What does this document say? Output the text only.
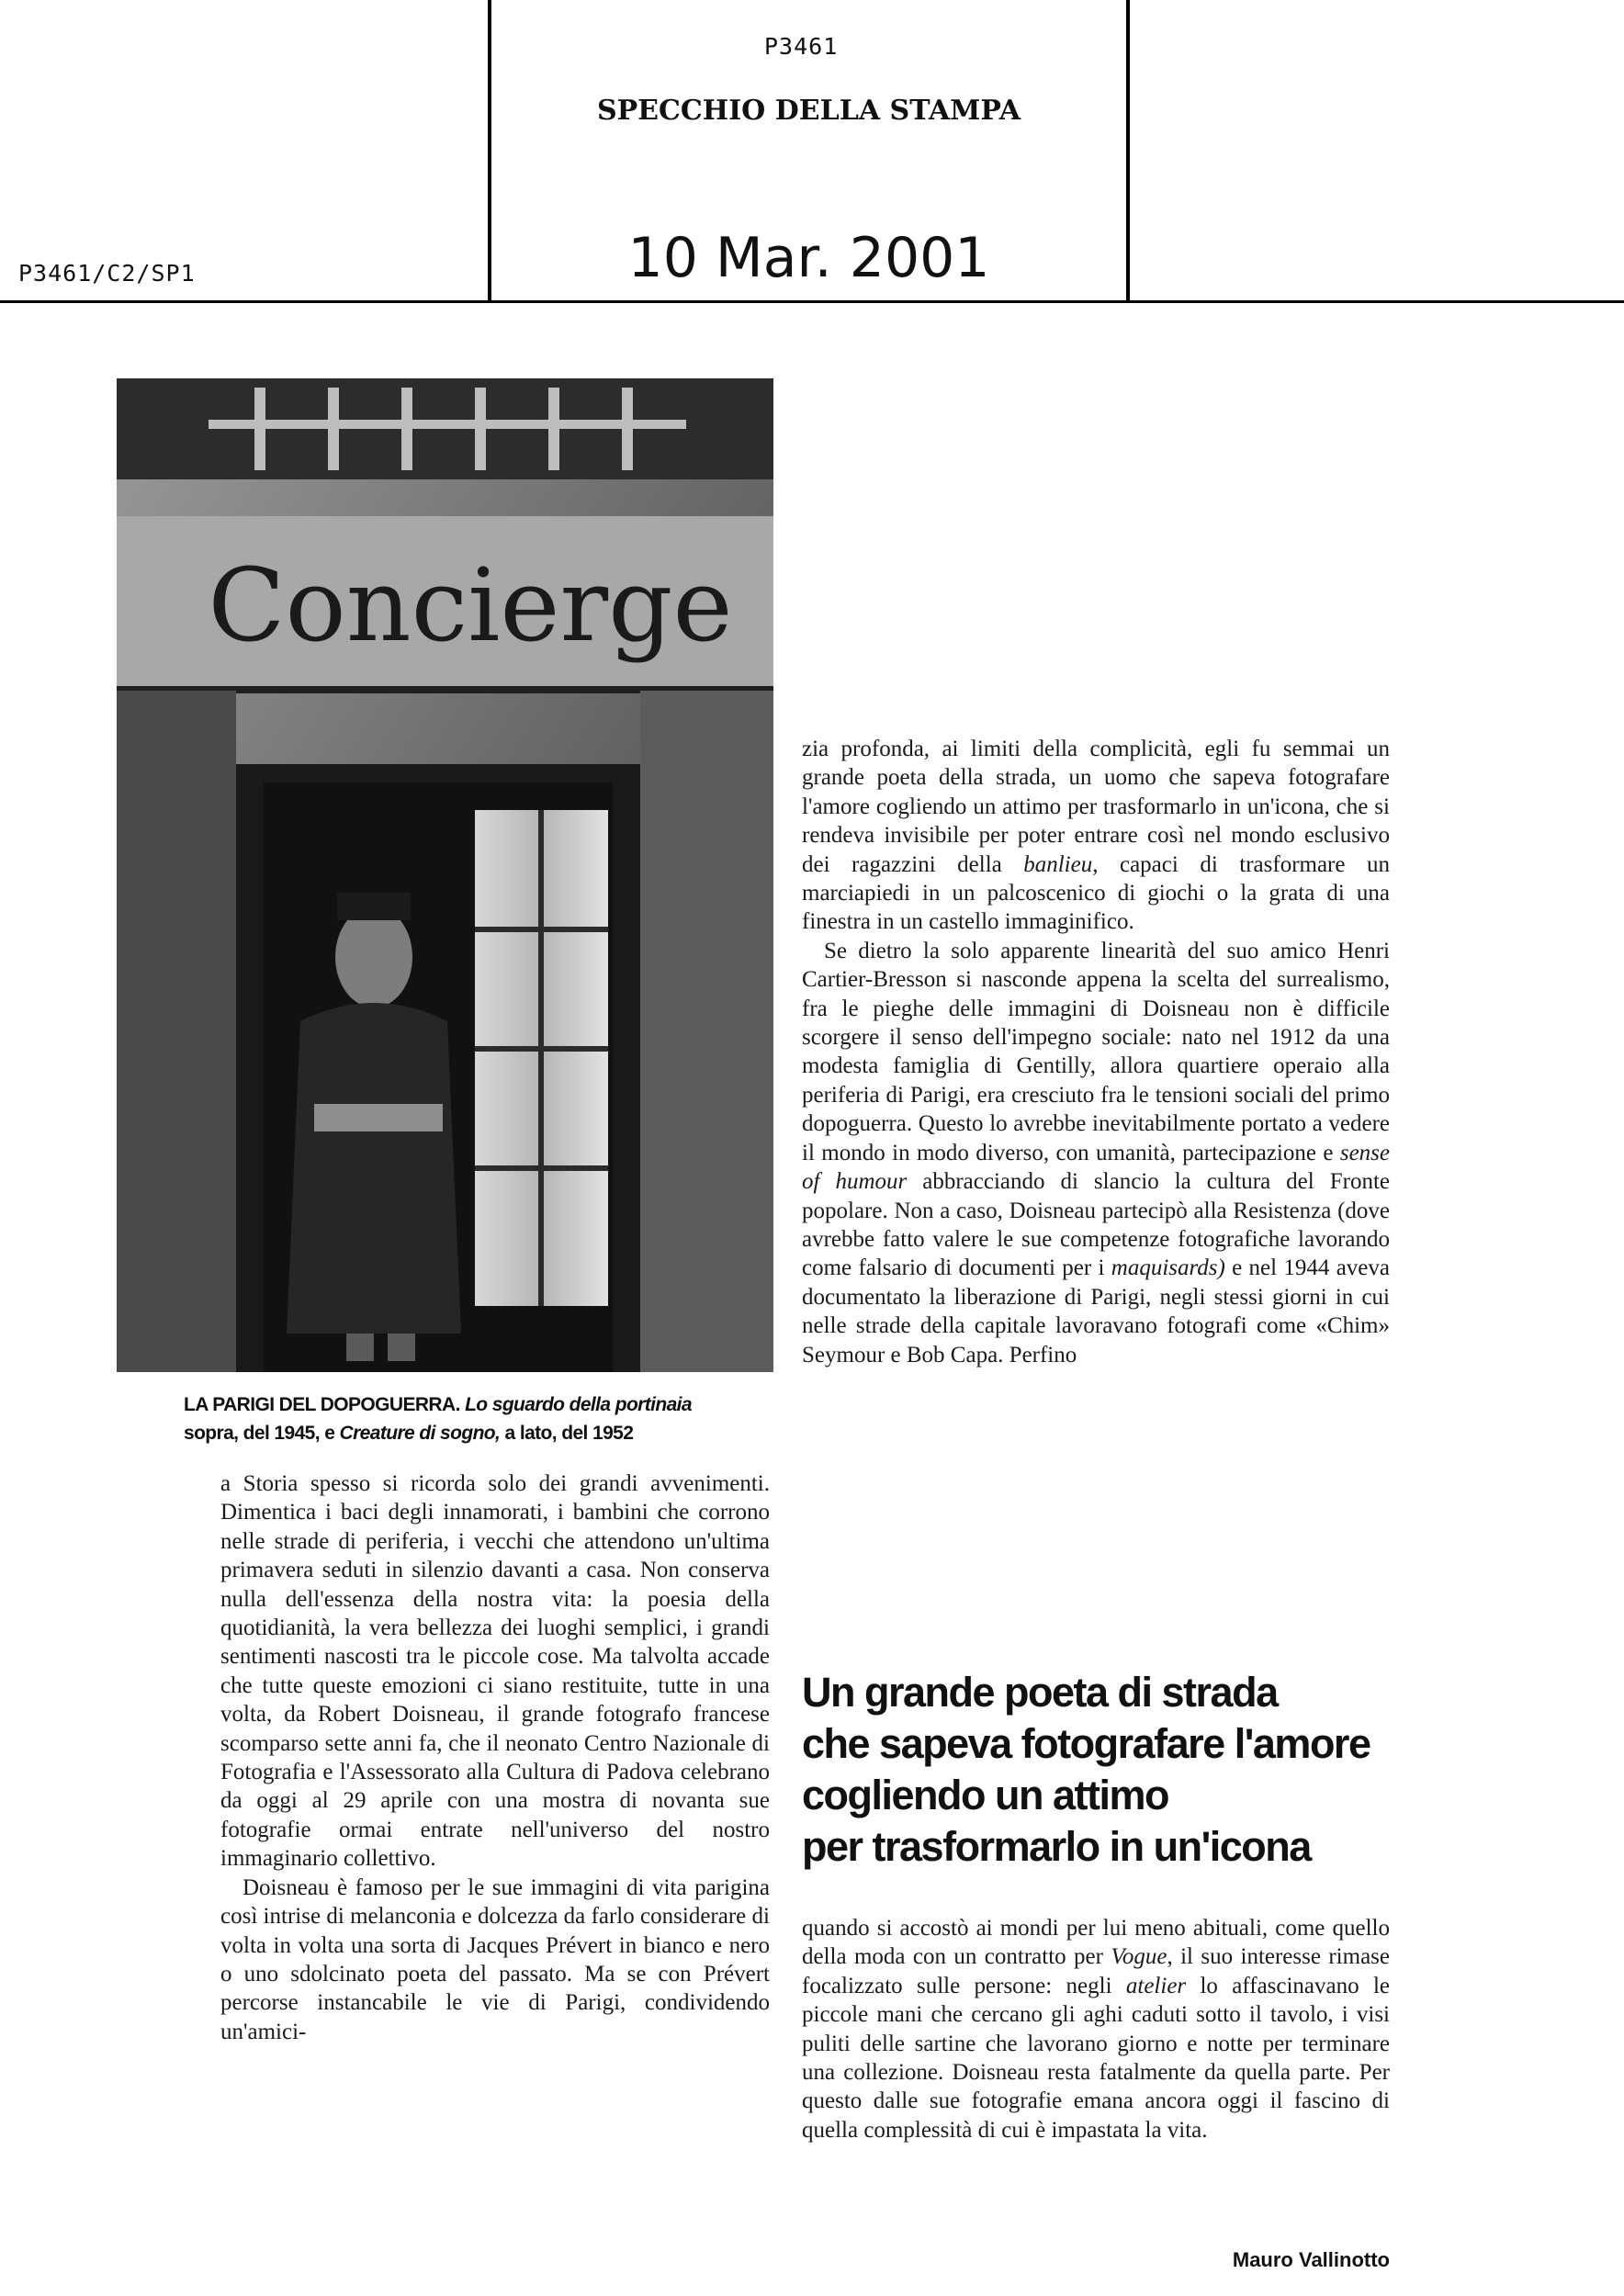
P3461
SPECCHIO DELLA STAMPA
P3461/C2/SP1	10 Mar. 2001
Concierge
LA PARIGI DEL DOPOGUERRA. Lo sguardo della portinaia
sopra, del 1945, e Creature di sogno, a lato, del 1952

a Storia spesso si ricorda solo dei grandi avvenimenti. Dimentica i baci degli innamorati, i bambini che corrono nelle strade di periferia, i vecchi che attendono un'ultima primavera seduti in silenzio davanti a casa. Non conserva nulla dell'essenza della nostra vita: la poesia della quotidianità, la vera bellezza dei luoghi semplici, i grandi sentimenti nascosti tra le piccole cose. Ma talvolta accade che tutte queste emozioni ci siano restituite, tutte in una volta, da Robert Doisneau, il grande fotografo francese scomparso sette anni fa, che il neonato Centro Nazionale di Fotografia e l'Assessorato alla Cultura di Padova celebrano da oggi al 29 aprile con una mostra di novanta sue fotografie ormai entrate nell'universo del nostro immaginario collettivo.

Doisneau è famoso per le sue immagini di vita parigina così intrise di melanconia e dolcezza da farlo considerare di volta in volta una sorta di Jacques Prévert in bianco e nero o uno sdolcinato poeta del passato. Ma se con Prévert percorse instancabile le vie di Parigi, condividendo un'amici-

zia profonda, ai limiti della complicità, egli fu semmai un grande poeta della strada, un uomo che sapeva fotografare l'amore cogliendo un attimo per trasformarlo in un'icona, che si rendeva invisibile per poter entrare così nel mondo esclusivo dei ragazzini della banlieu, capaci di trasformare un marciapiedi in un palcoscenico di giochi o la grata di una finestra in un castello immaginifico.

Se dietro la solo apparente linearità del suo amico Henri Cartier-Bresson si nasconde appena la scelta del surrealismo, fra le pieghe delle immagini di Doisneau non è difficile scorgere il senso dell'impegno sociale: nato nel 1912 da una modesta famiglia di Gentilly, allora quartiere operaio alla periferia di Parigi, era cresciuto fra le tensioni sociali del primo dopoguerra. Questo lo avrebbe inevitabilmente portato a vedere il mondo in modo diverso, con umanità, partecipazione e sense of humour abbracciando di slancio la cultura del Fronte popolare. Non a caso, Doisneau partecipò alla Resistenza (dove avrebbe fatto valere le sue competenze fotografiche lavorando come falsario di documenti per i maquisards) e nel 1944 aveva documentato la liberazione di Parigi, negli stessi giorni in cui nelle strade della capitale lavoravano fotografi come «Chim» Seymour e Bob Capa. Perfino

Un grande poeta di strada
che sapeva fotografare l'amore
cogliendo un attimo
per trasformarlo in un'icona

quando si accostò ai mondi per lui meno abituali, come quello della moda con un contratto per Vogue, il suo interesse rimase focalizzato sulle persone: negli atelier lo affascinavano le piccole mani che cercano gli aghi caduti sotto il tavolo, i visi puliti delle sartine che lavorano giorno e notte per terminare una collezione. Doisneau resta fatalmente da quella parte. Per questo dalle sue fotografie emana ancora oggi il fascino di quella complessità di cui è impastata la vita.

Mauro Vallinotto
